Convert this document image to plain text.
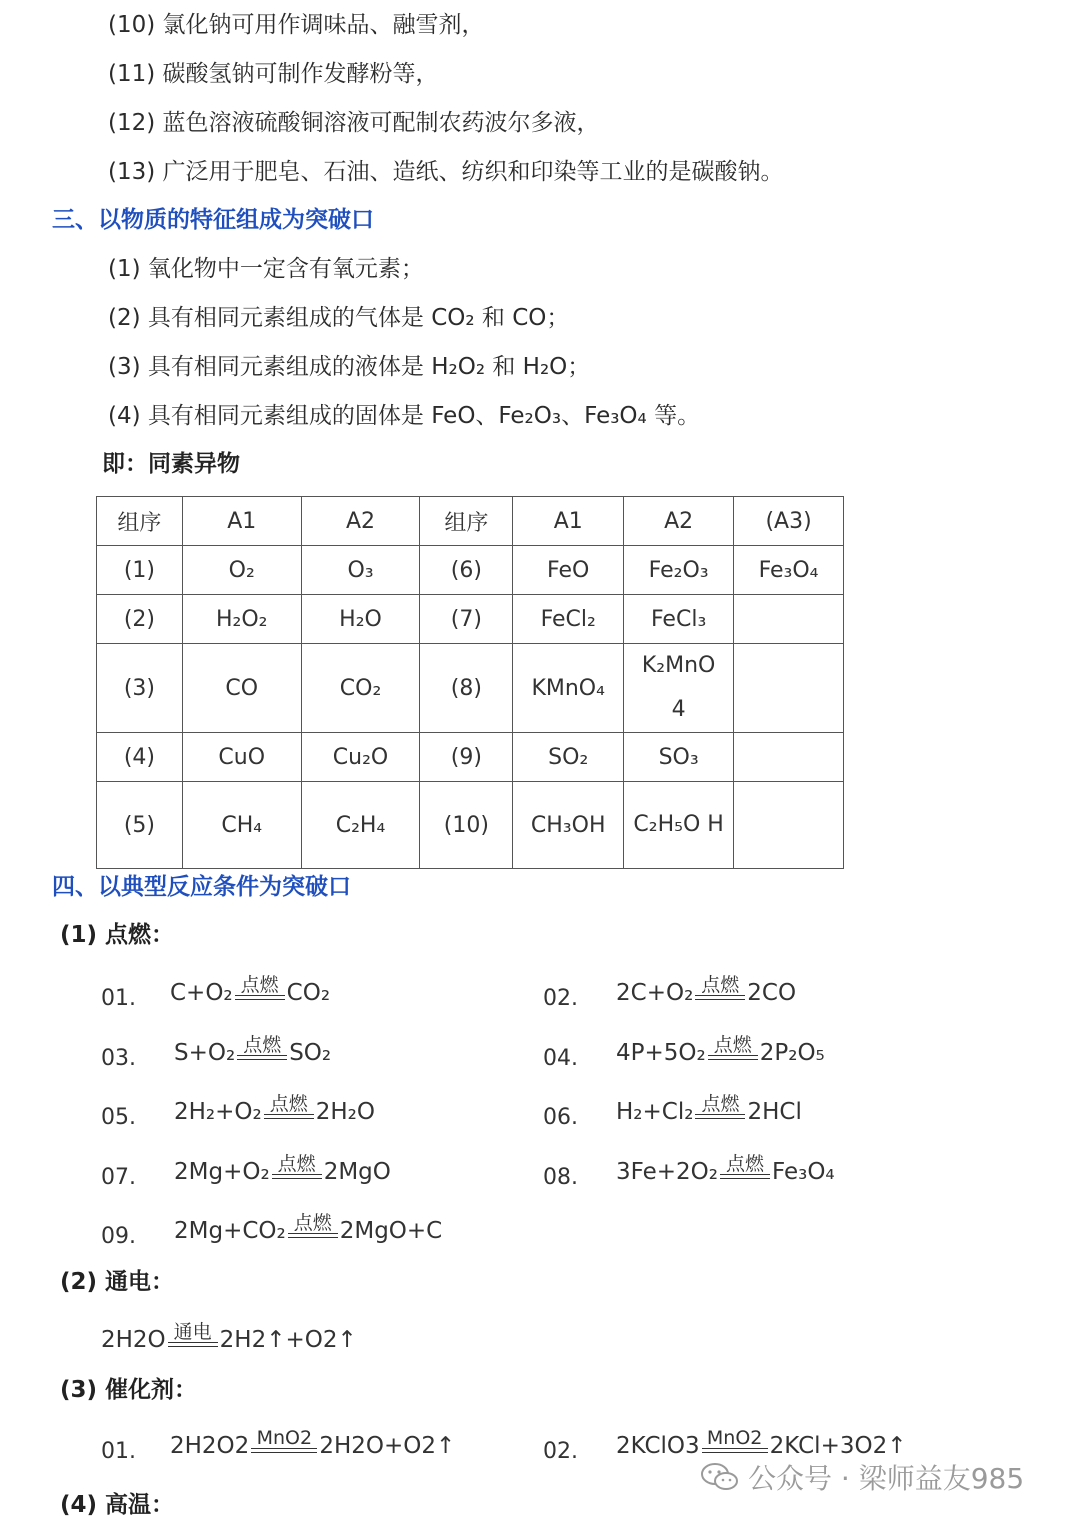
(10) 氯化钠可用作调味品、融雪剂，
(11) 碳酸氢钠可制作发酵粉等，
(12) 蓝色溶液硫酸铜溶液可配制农药波尔多液，
(13) 广泛用于肥皂、石油、造纸、纺织和印染等工业的是碳酸钠。
三、以物质的特征组成为突破口
(1) 氧化物中一定含有氧元素；
(2) 具有相同元素组成的气体是 CO₂ 和 CO；
(3) 具有相同元素组成的液体是 H₂O₂ 和 H₂O；
(4) 具有相同元素组成的固体是 FeO、Fe₂O₃、Fe₃O₄ 等。
即：同素异物
组序	A1	A2	组序	A1	A2	(A3)
(1)	O₂	O₃	(6)	FeO	Fe₂O₃	Fe₃O₄
(2)	H₂O₂	H₂O	(7)	FeCl₂	FeCl₃	
(3)	CO	CO₂	(8)	KMnO₄	K₂MnO 4	
(4)	CuO	Cu₂O	(9)	SO₂	SO₃	
(5)	CH₄	C₂H₄	(10)	CH₃OH	C₂H₅O H	
四、以典型反应条件为突破口
(1) 点燃：
01. C+O₂ 点燃 CO₂	02. 2C+O₂ 点燃 2CO
03. S+O₂ 点燃 SO₂	04. 4P+5O₂ 点燃 2P₂O₅
05. 2H₂+O₂ 点燃 2H₂O	06. H₂+Cl₂ 点燃 2HCl
07. 2Mg+O₂ 点燃 2MgO	08. 3Fe+2O₂ 点燃 Fe₃O₄
09. 2Mg+CO₂ 点燃 2MgO+C
(2) 通电：
2H2O 通电 2H2↑+O2↑
(3) 催化剂：
01. 2H2O2 MnO2 2H2O+O2↑	02. 2KClO3 MnO2 2KCl+3O2↑
(4) 高温：
公众号 · 梁师益友985
